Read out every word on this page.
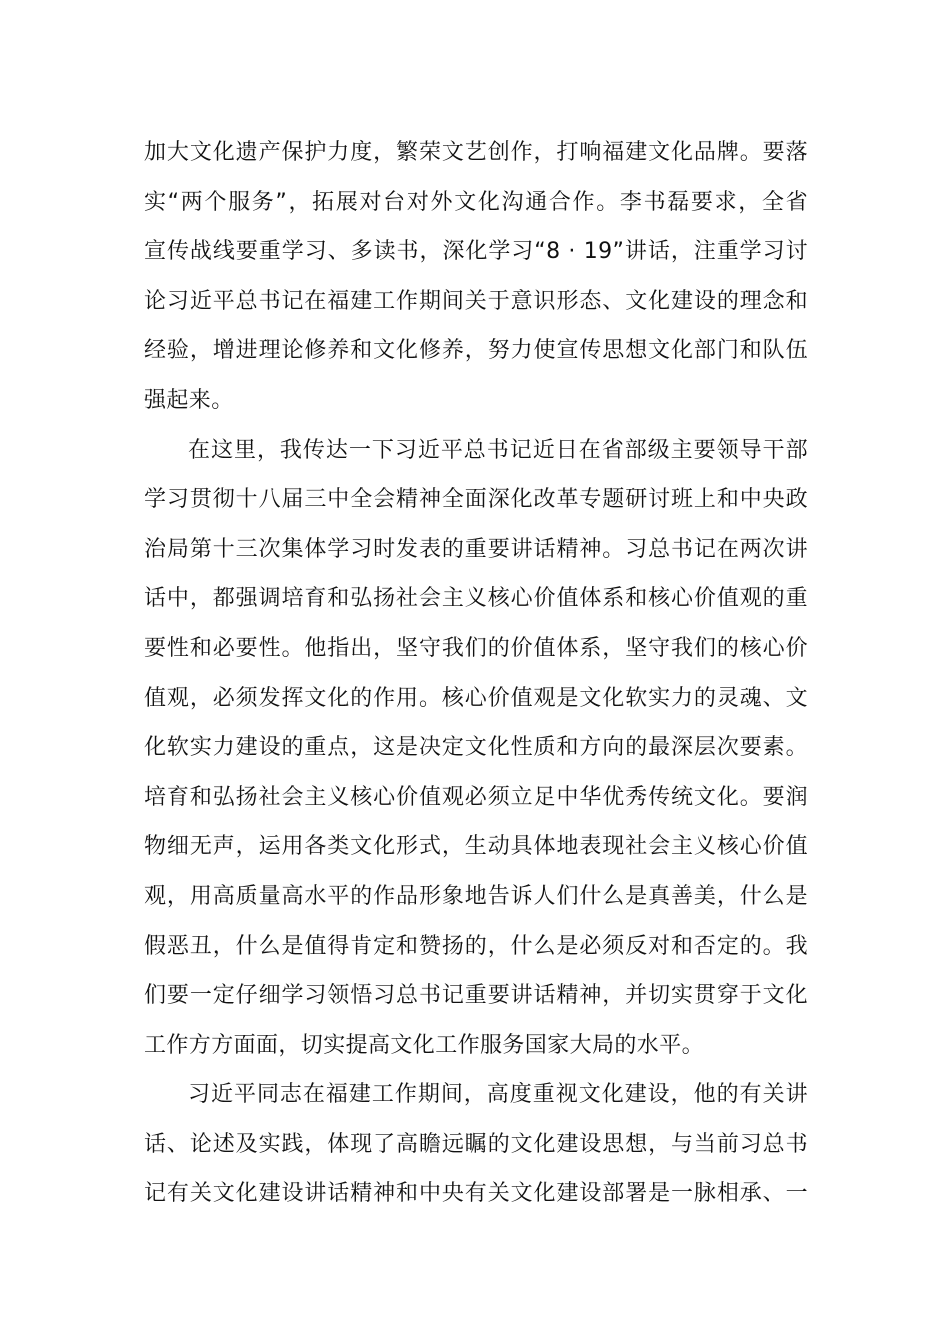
加大文化遗产保护力度，繁荣文艺创作，打响福建文化品牌。要落
实“两个服务”，拓展对台对外文化沟通合作。李书磊要求，全省
宣传战线要重学习、多读书，深化学习“8 · 19”讲话，注重学习讨
论习近平总书记在福建工作期间关于意识形态、文化建设的理念和
经验，增进理论修养和文化修养，努力使宣传思想文化部门和队伍
强起来。
在这里，我传达一下习近平总书记近日在省部级主要领导干部
学习贯彻十八届三中全会精神全面深化改革专题研讨班上和中央政
治局第十三次集体学习时发表的重要讲话精神。习总书记在两次讲
话中，都强调培育和弘扬社会主义核心价值体系和核心价值观的重
要性和必要性。他指出，坚守我们的价值体系，坚守我们的核心价
值观，必须发挥文化的作用。核心价值观是文化软实力的灵魂、文
化软实力建设的重点，这是决定文化性质和方向的最深层次要素。
培育和弘扬社会主义核心价值观必须立足中华优秀传统文化。要润
物细无声，运用各类文化形式，生动具体地表现社会主义核心价值
观，用高质量高水平的作品形象地告诉人们什么是真善美，什么是
假恶丑，什么是值得肯定和赞扬的，什么是必须反对和否定的。我
们要一定仔细学习领悟习总书记重要讲话精神，并切实贯穿于文化
工作方方面面，切实提高文化工作服务国家大局的水平。
习近平同志在福建工作期间，高度重视文化建设，他的有关讲
话、论述及实践，体现了高瞻远瞩的文化建设思想，与当前习总书
记有关文化建设讲话精神和中央有关文化建设部署是一脉相承、一
